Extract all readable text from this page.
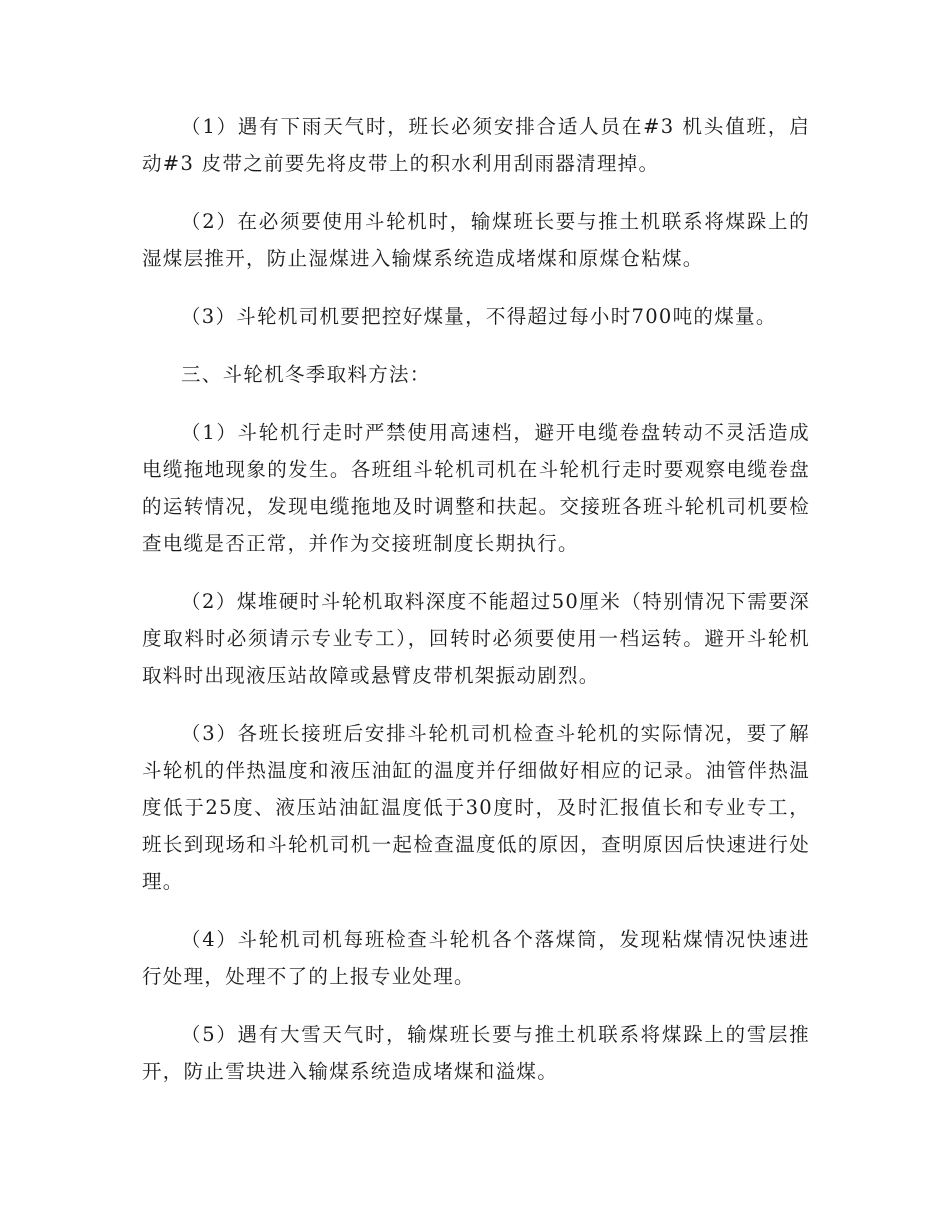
（1）遇有下雨天气时，班长必须安排合适人员在#3 机头值班，启动#3 皮带之前要先将皮带上的积水利用刮雨器清理掉。

（2）在必须要使用斗轮机时，输煤班长要与推土机联系将煤跺上的湿煤层推开，防止湿煤进入输煤系统造成堵煤和原煤仓粘煤。

（3）斗轮机司机要把控好煤量，不得超过每小时700吨的煤量。

三、斗轮机冬季取料方法：

（1）斗轮机行走时严禁使用高速档，避开电缆卷盘转动不灵活造成电缆拖地现象的发生。各班组斗轮机司机在斗轮机行走时要观察电缆卷盘的运转情况，发现电缆拖地及时调整和扶起。交接班各班斗轮机司机要检查电缆是否正常，并作为交接班制度长期执行。

（2）煤堆硬时斗轮机取料深度不能超过50厘米（特别情况下需要深度取料时必须请示专业专工），回转时必须要使用一档运转。避开斗轮机取料时出现液压站故障或悬臂皮带机架振动剧烈。

（3）各班长接班后安排斗轮机司机检查斗轮机的实际情况，要了解斗轮机的伴热温度和液压油缸的温度并仔细做好相应的记录。油管伴热温度低于25度、液压站油缸温度低于30度时，及时汇报值长和专业专工，班长到现场和斗轮机司机一起检查温度低的原因，查明原因后快速进行处理。

（4）斗轮机司机每班检查斗轮机各个落煤筒，发现粘煤情况快速进行处理，处理不了的上报专业处理。

（5）遇有大雪天气时，输煤班长要与推土机联系将煤跺上的雪层推开，防止雪块进入输煤系统造成堵煤和溢煤。
